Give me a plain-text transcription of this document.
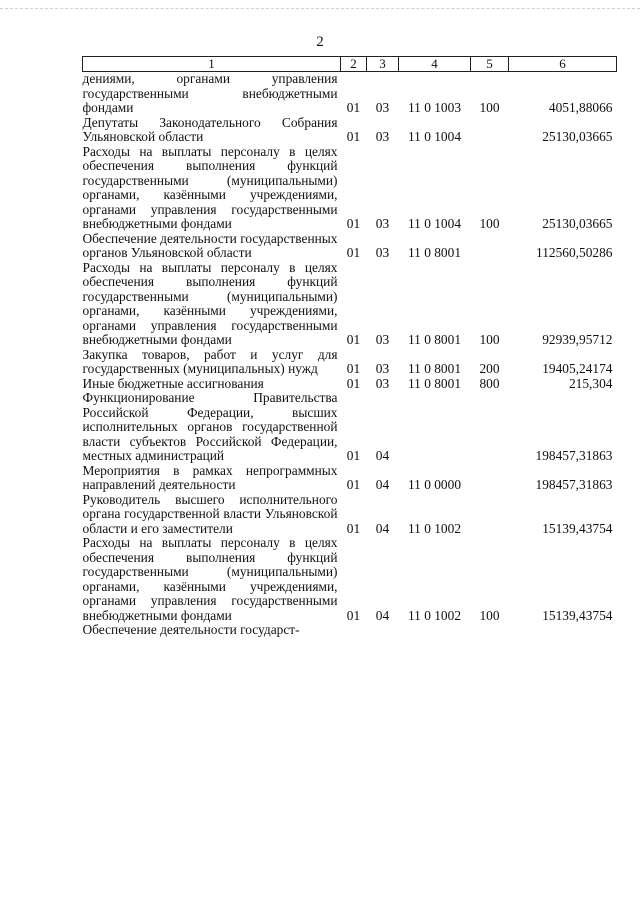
2
1	2	3	4	5	6
дениями, органами управления государственными внебюджетными фондами	01	03	11 0 1003	100	4051,88066
Депутаты Законодательного Собрания Ульяновской области	01	03	11 0 1004		25130,03665
Расходы на выплаты персоналу в целях обеспечения выполнения функций государственными (муниципальными) органами, казёнными учреждениями, органами управления государственными внебюджетными фондами	01	03	11 0 1004	100	25130,03665
Обеспечение деятельности государственных органов Ульяновской области	01	03	11 0 8001		112560,50286
Расходы на выплаты персоналу в целях обеспечения выполнения функций государственными (муниципальными) органами, казёнными учреждениями, органами управления государственными внебюджетными фондами	01	03	11 0 8001	100	92939,95712
Закупка товаров, работ и услуг для государственных (муниципальных) нужд	01	03	11 0 8001	200	19405,24174
Иные бюджетные ассигнования	01	03	11 0 8001	800	215,304
Функционирование Правительства Российской Федерации, высших исполнительных органов государственной власти субъектов Российской Федерации, местных администраций	01	04			198457,31863
Мероприятия в рамках непрограммных направлений деятельности	01	04	11 0 0000		198457,31863
Руководитель высшего исполнительного органа государственной власти Ульяновской области и его заместители	01	04	11 0 1002		15139,43754
Расходы на выплаты персоналу в целях обеспечения выполнения функций государственными (муниципальными) органами, казёнными учреждениями, органами управления государственными внебюджетными фондами	01	04	11 0 1002	100	15139,43754
Обеспечение деятельности государст-					
